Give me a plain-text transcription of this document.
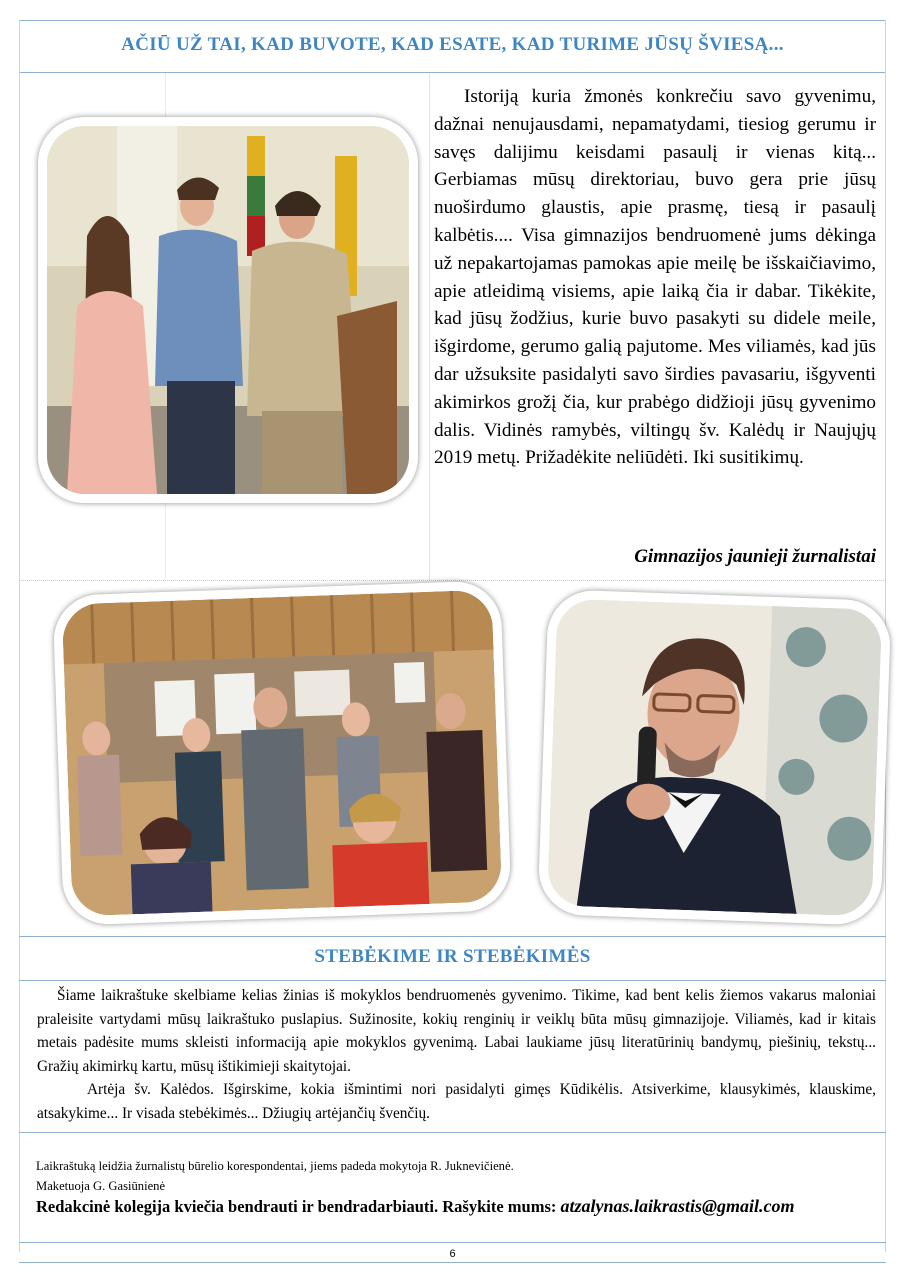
AČIŪ UŽ TAI, KAD BUVOTE, KAD ESATE, KAD TURIME JŪSŲ ŠVIESĄ...

Istoriją kuria žmonės konkrečiu savo gyvenimu, dažnai nenujausdami, nepamatydami, tiesiog gerumu ir savęs dalijimu keisdami pasaulį ir vienas kitą... Gerbiamas mūsų direktoriau, buvo gera prie jūsų nuoširdumo glaustis, apie prasmę, tiesą ir pasaulį kalbėtis.... Visa gimnazijos bendruomenė jums dėkinga už nepakartojamas pamokas apie meilę be išskaičiavimo, apie atleidimą visiems, apie laiką čia ir dabar. Tikėkite, kad jūsų žodžius, kurie buvo pasakyti su didele meile, išgirdome, gerumo galią pajutome. Mes viliamės, kad jūs dar užsuksite pasidalyti savo širdies pavasariu, išgyventi akimirkos grožį čia, kur prabėgo didžioji jūsų gyvenimo dalis. Vidinės ramybės, viltingų šv. Kalėdų ir Naujųjų 2019 metų. Prižadėkite neliūdėti. Iki susitikimų.

Gimnazijos jaunieji žurnalistai
STEBĖKIME IR STEBĖKIMĖS

Šiame laikraštuke skelbiame kelias žinias iš mokyklos bendruomenės gyvenimo. Tikime, kad bent kelis žiemos vakarus maloniai praleisite vartydami mūsų laikraštuko puslapius. Sužinosite, kokių renginių ir veiklų būta mūsų gimnazijoje. Viliamės, kad ir kitais metais padėsite mums skleisti informaciją apie mokyklos gyvenimą. Labai laukiame jūsų literatūrinių bandymų, piešinių, tekstų... Gražių akimirkų kartu, mūsų ištikimieji skaitytojai.

Artėja šv. Kalėdos. Išgirskime, kokia išmintimi nori pasidalyti gimęs Kūdikėlis. Atsiverkime, klausykimės, klauskime, atsakykime... Ir visada stebėkimės... Džiugių artėjančių švenčių.

Laikraštuką leidžia žurnalistų būrelio korespondentai, jiems padeda mokytoja R. Juknevičienė.
Maketuoja G. Gasiūnienė
Redakcinė kolegija kviečia bendrauti ir bendradarbiauti. Rašykite mums: atzalynas.laikrastis@gmail.com
6
